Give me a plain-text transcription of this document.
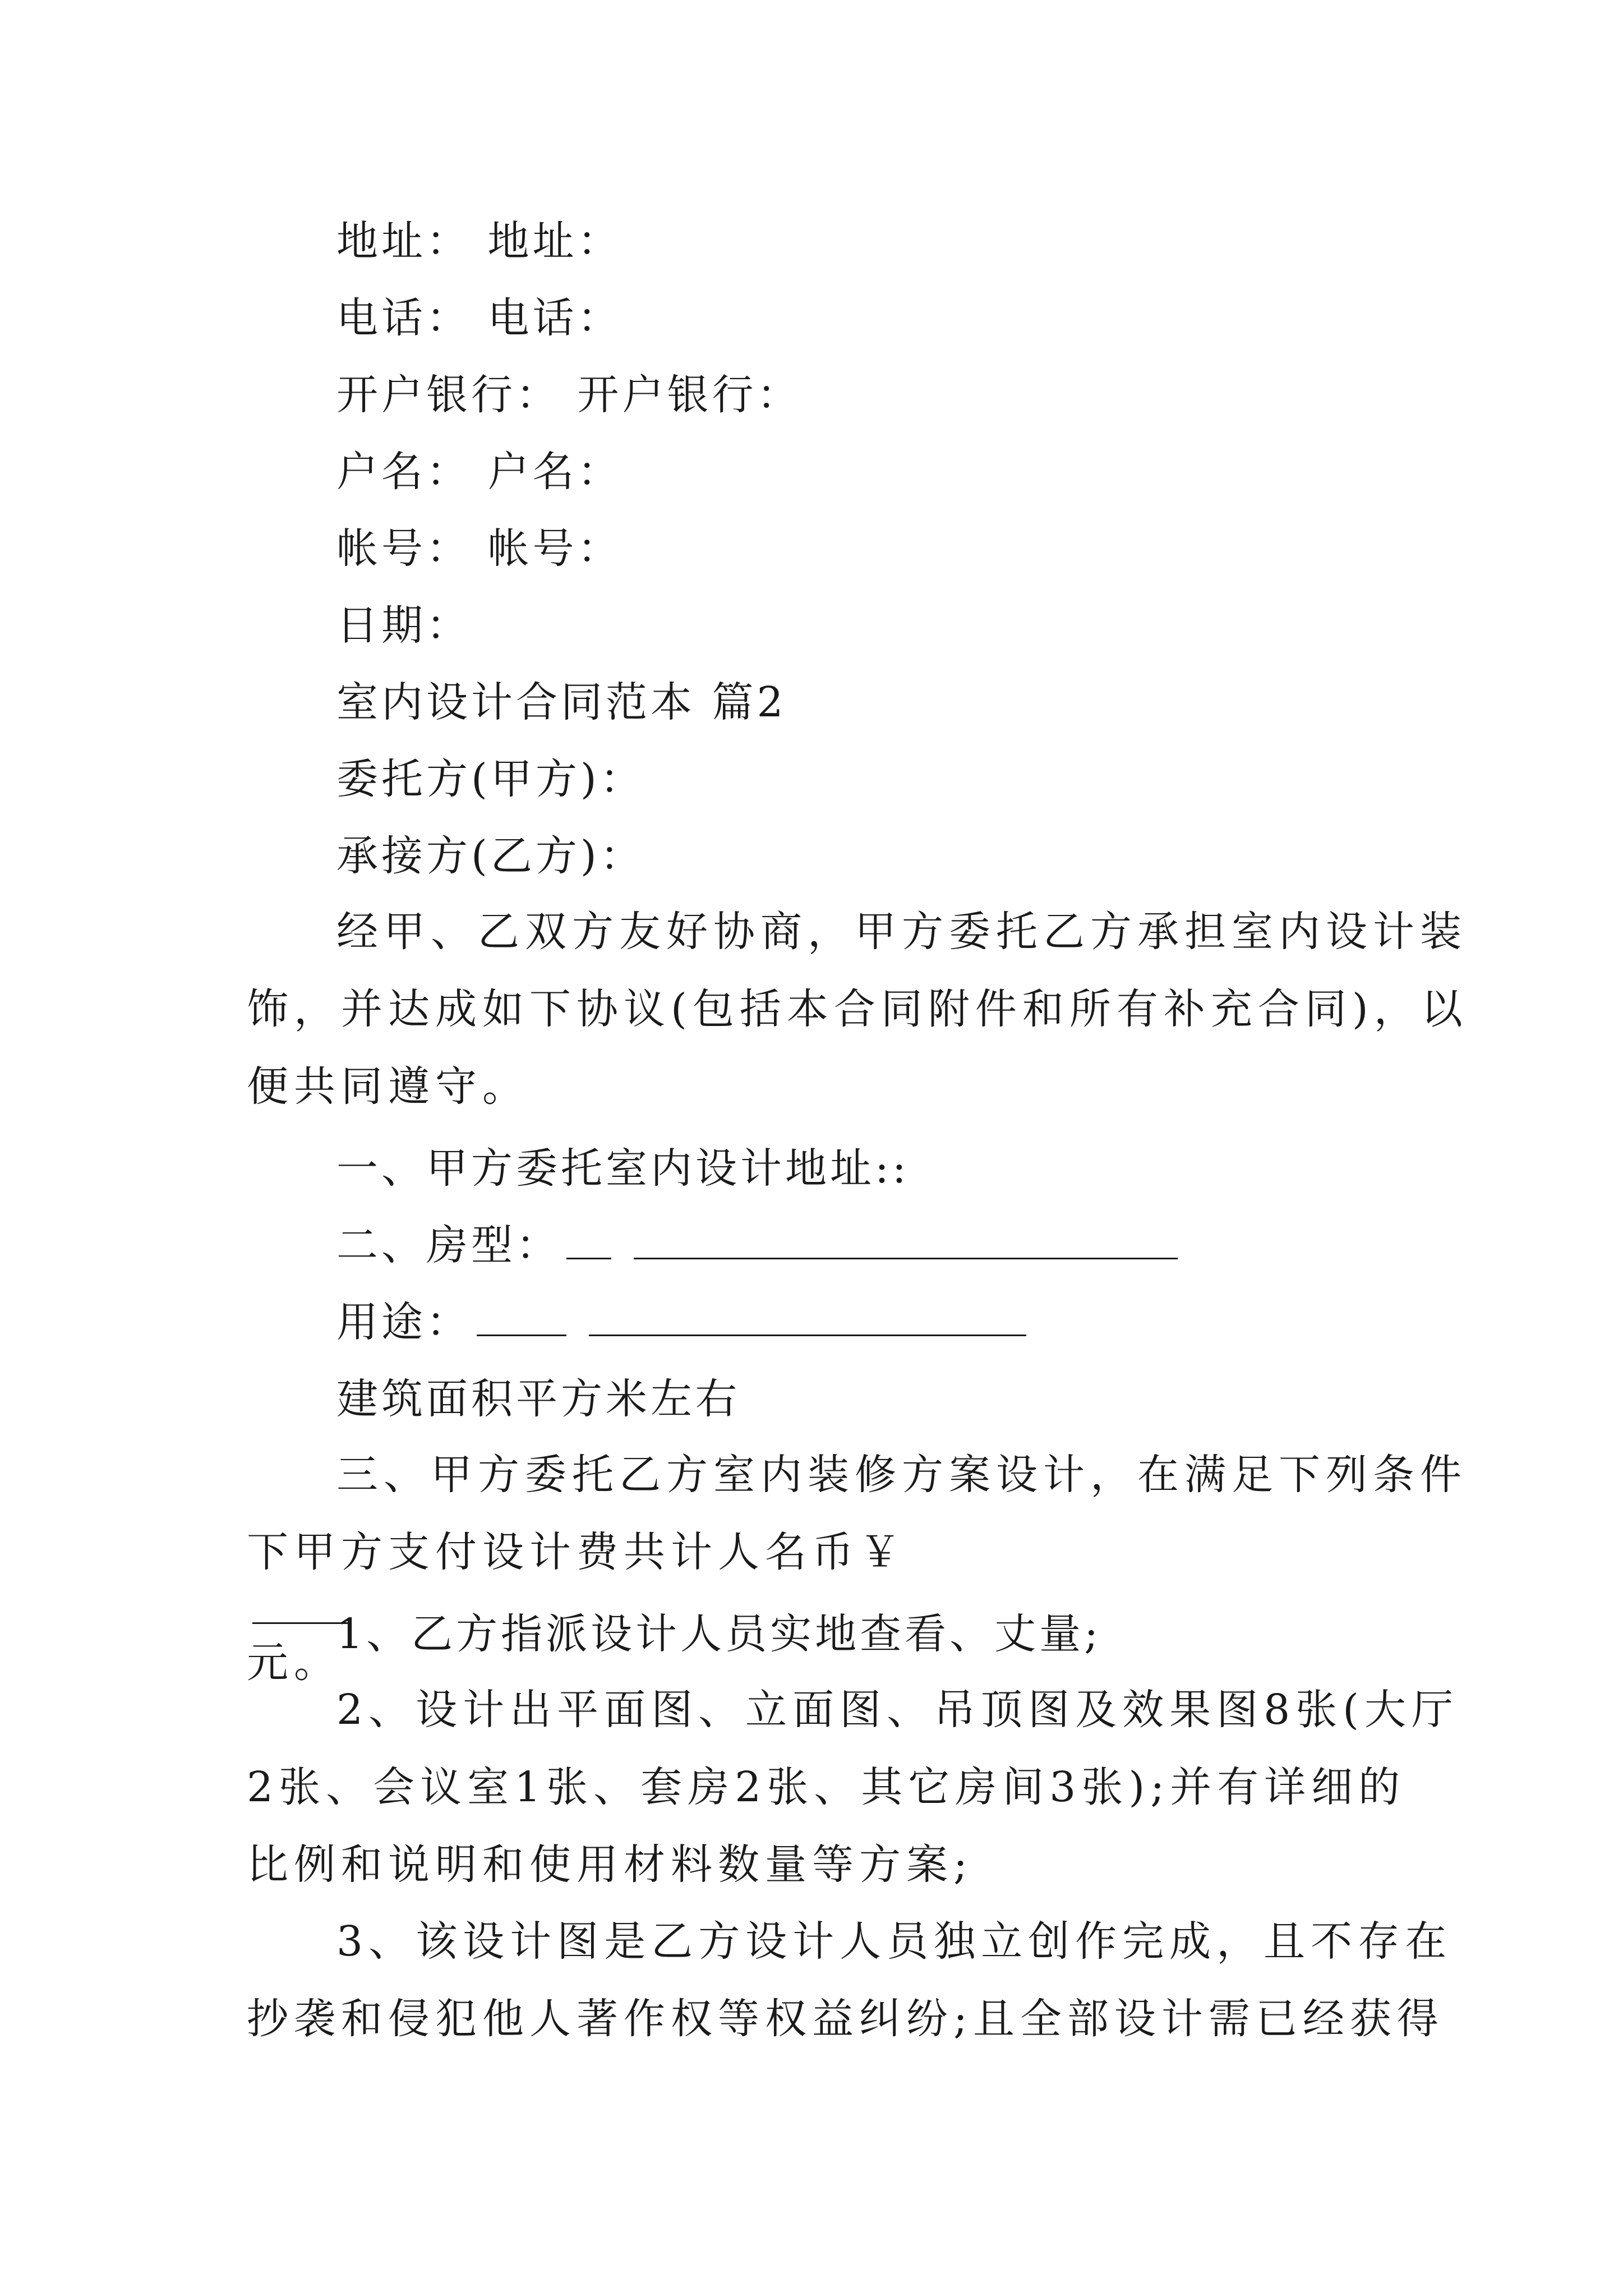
地址： 地址：
电话： 电话：
开户银行： 开户银行：
户名： 户名：
帐号： 帐号：
日期：
室内设计合同范本 篇2
委托方(甲方)：
承接方(乙方)：
经甲、乙双方友好协商，甲方委托乙方承担室内设计装
饰，并达成如下协议(包括本合同附件和所有补充合同)，以
便共同遵守。
一、甲方委托室内设计地址::
二、房型：
用途：
建筑面积平方米左右
三、甲方委托乙方室内装修方案设计，在满足下列条件
下甲方支付设计费共计人名币￥
元。
1、乙方指派设计人员实地查看、丈量;
2、设计出平面图、立面图、吊顶图及效果图8张(大厅
2张、会议室1张、套房2张、其它房间3张);并有详细的
比例和说明和使用材料数量等方案;
3、该设计图是乙方设计人员独立创作完成，且不存在
抄袭和侵犯他人著作权等权益纠纷;且全部设计需已经获得
